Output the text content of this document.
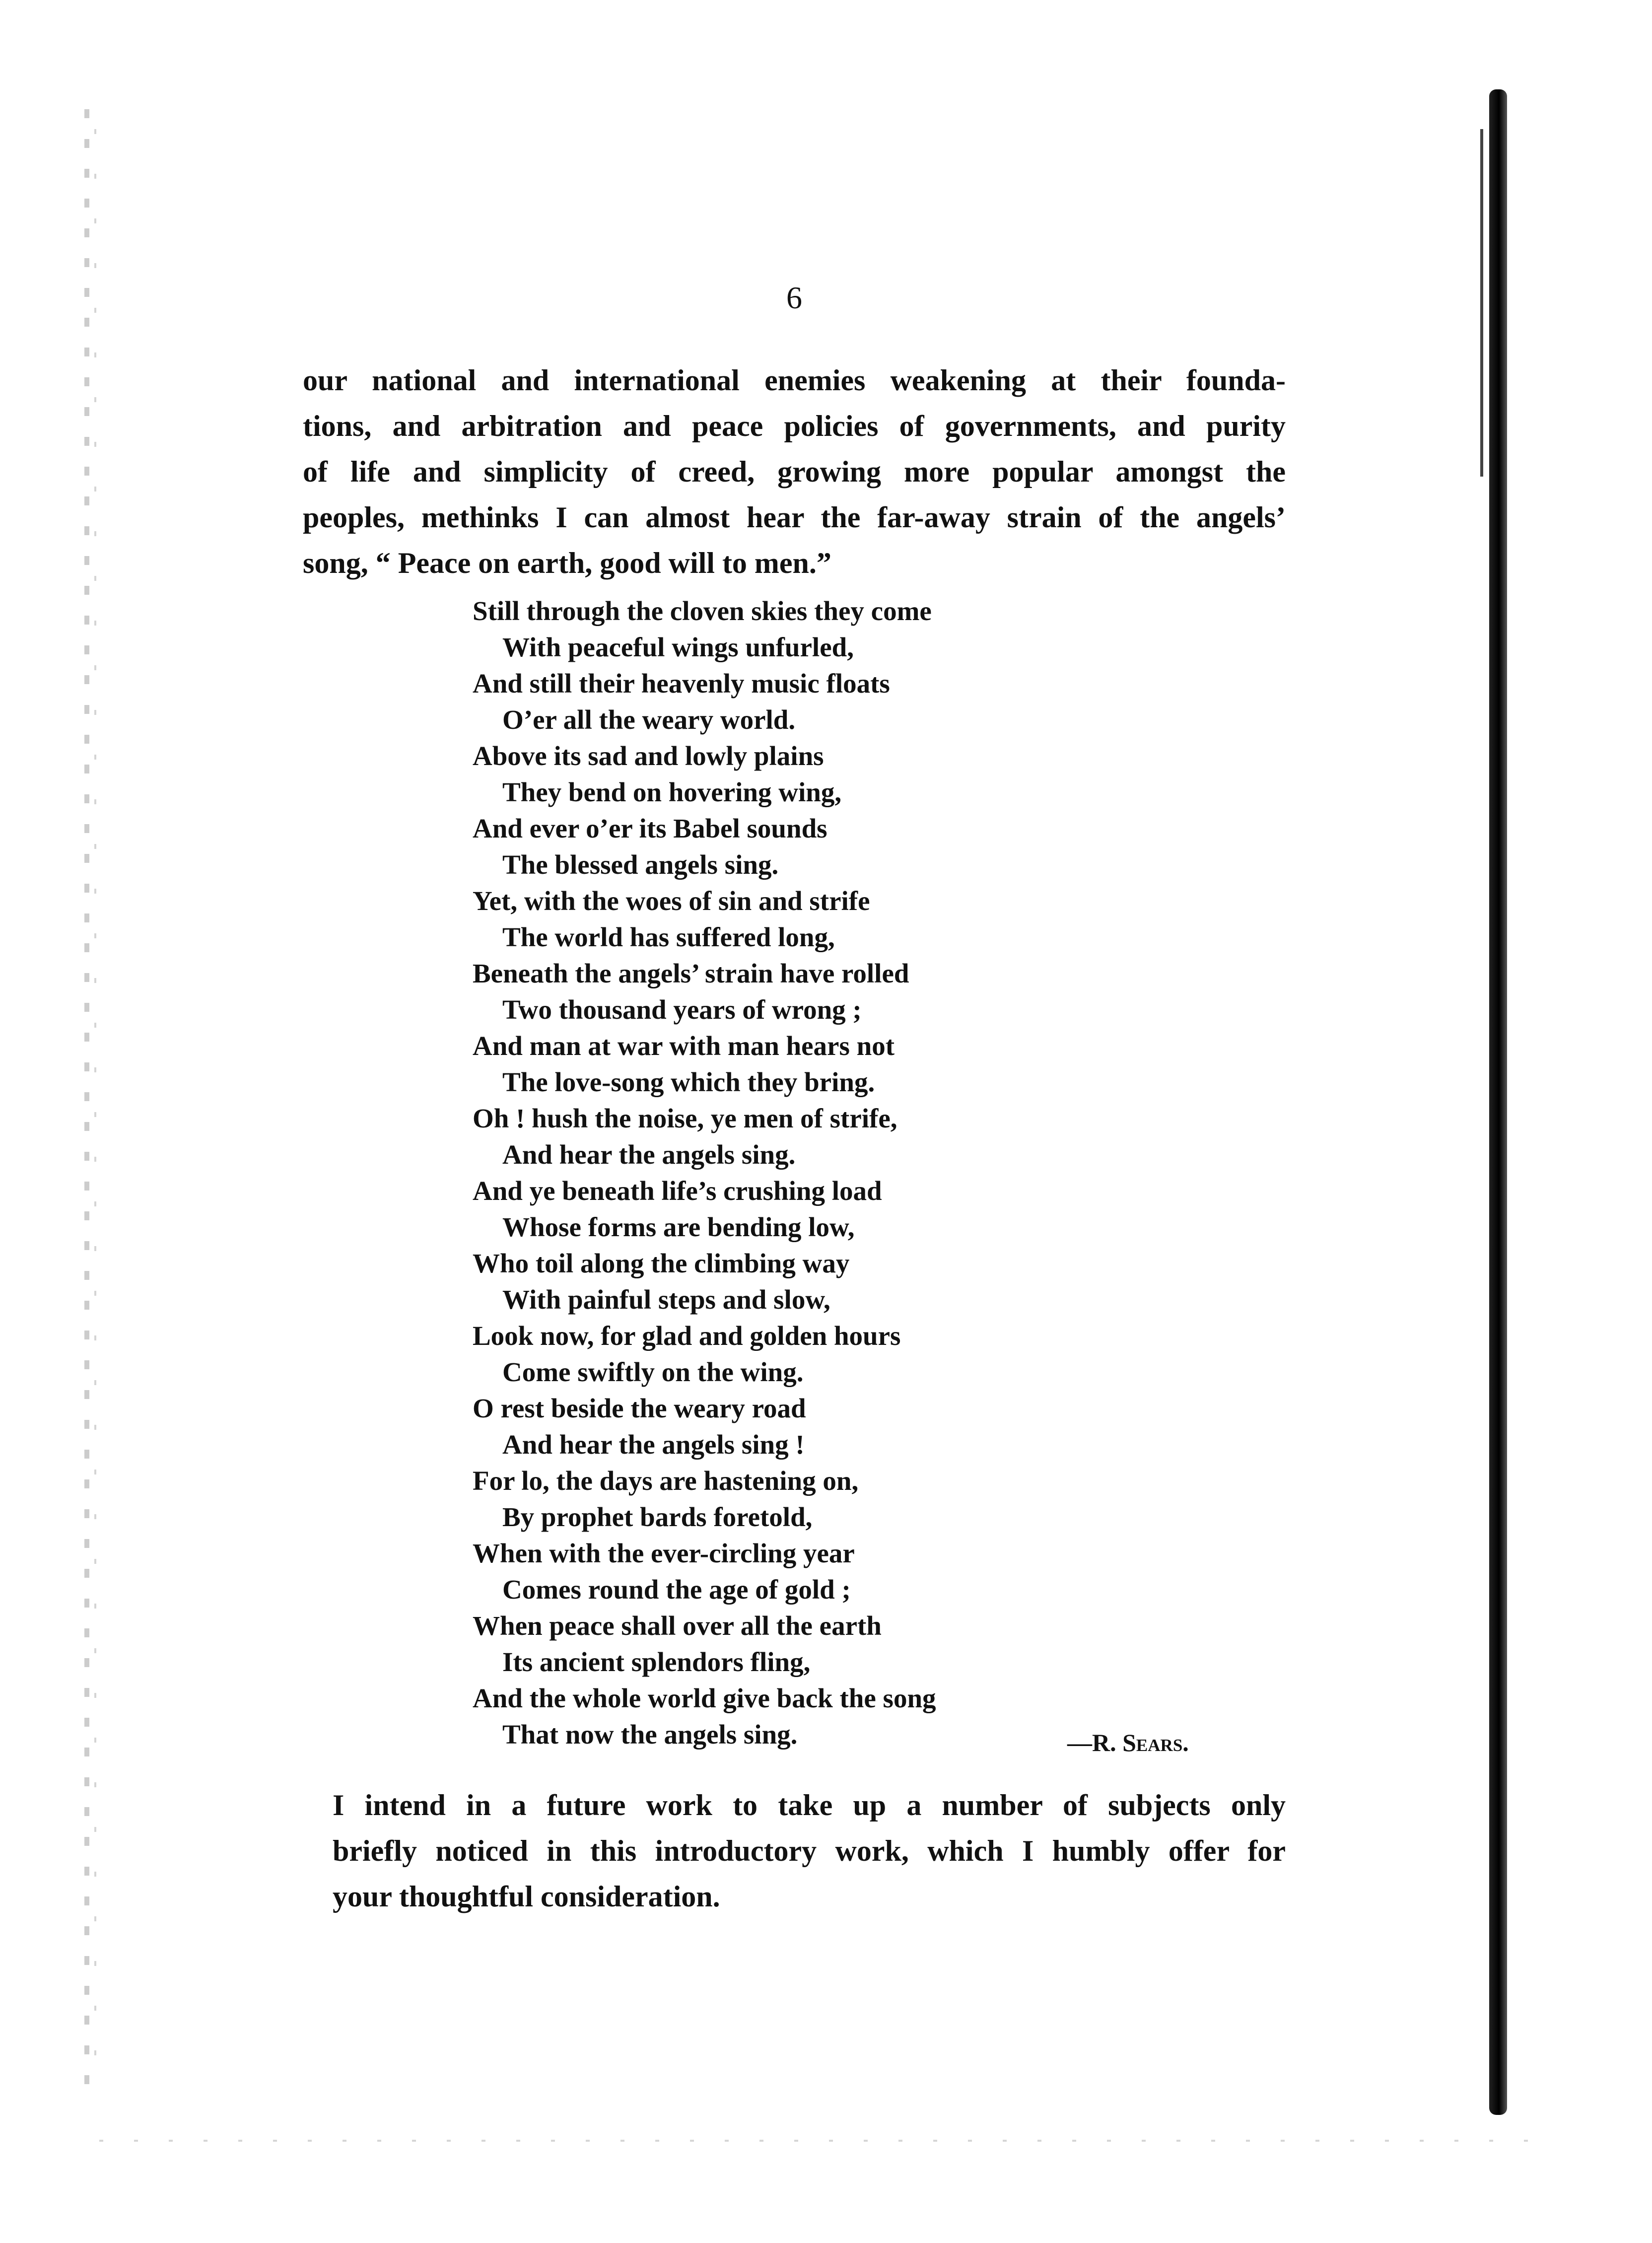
6
our national and international enemies weakening at their founda-
tions, and arbitration and peace policies of governments, and purity
of life and simplicity of creed, growing more popular amongst the
peoples, methinks I can almost hear the far-away strain of the angels’
song, “ Peace on earth, good will to men.”
Still through the cloven skies they come
With peaceful wings unfurled,
And still their heavenly music floats
O’er all the weary world.
Above its sad and lowly plains
They bend on hovering wing,
And ever o’er its Babel sounds
The blessed angels sing.
Yet, with the woes of sin and strife
The world has suffered long,
Beneath the angels’ strain have rolled
Two thousand years of wrong ;
And man at war with man hears not
The love-song which they bring.
Oh ! hush the noise, ye men of strife,
And hear the angels sing.
And ye beneath life’s crushing load
Whose forms are bending low,
Who toil along the climbing way
With painful steps and slow,
Look now, for glad and golden hours
Come swiftly on the wing.
O rest beside the weary road
And hear the angels sing !
For lo, the days are hastening on,
By prophet bards foretold,
When with the ever-circling year
Comes round the age of gold ;
When peace shall over all the earth
Its ancient splendors fling,
And the whole world give back the song
That now the angels sing.	—R. Sears.
I intend in a future work to take up a number of subjects only
briefly noticed in this introductory work, which I humbly offer for
your thoughtful consideration.
